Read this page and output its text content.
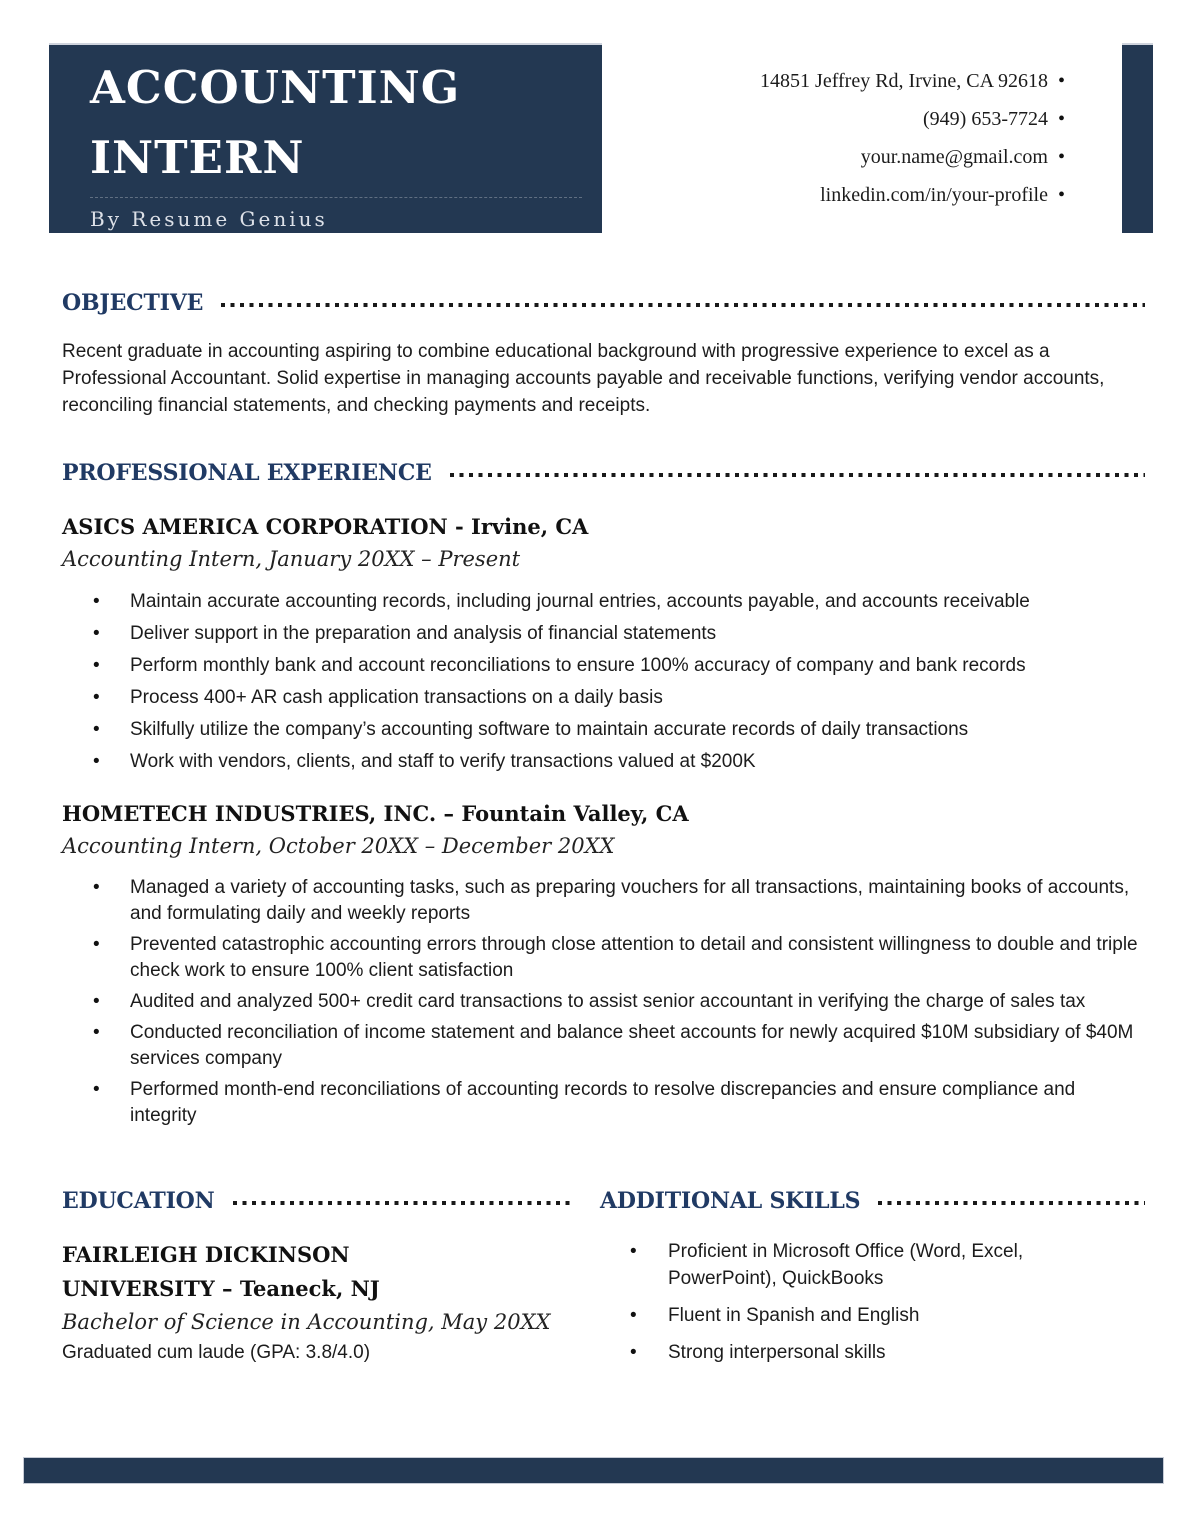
ACCOUNTING
INTERN
By Resume Genius
14851 Jeffrey Rd, Irvine, CA 92618 •
(949) 653-7724 •
your.name@gmail.com •
linkedin.com/in/your-profile •
OBJECTIVE
Recent graduate in accounting aspiring to combine educational background with progressive experience to excel as a Professional Accountant. Solid expertise in managing accounts payable and receivable functions, verifying vendor accounts, reconciling financial statements, and checking payments and receipts.
PROFESSIONAL EXPERIENCE
ASICS AMERICA CORPORATION - Irvine, CA
Accounting Intern, January 20XX – Present
• Maintain accurate accounting records, including journal entries, accounts payable, and accounts receivable
• Deliver support in the preparation and analysis of financial statements
• Perform monthly bank and account reconciliations to ensure 100% accuracy of company and bank records
• Process 400+ AR cash application transactions on a daily basis
• Skilfully utilize the company’s accounting software to maintain accurate records of daily transactions
• Work with vendors, clients, and staff to verify transactions valued at $200K
HOMETECH INDUSTRIES, INC. – Fountain Valley, CA
Accounting Intern, October 20XX – December 20XX
• Managed a variety of accounting tasks, such as preparing vouchers for all transactions, maintaining books of accounts, and formulating daily and weekly reports
• Prevented catastrophic accounting errors through close attention to detail and consistent willingness to double and triple check work to ensure 100% client satisfaction
• Audited and analyzed 500+ credit card transactions to assist senior accountant in verifying the charge of sales tax
• Conducted reconciliation of income statement and balance sheet accounts for newly acquired $10M subsidiary of $40M services company
• Performed month-end reconciliations of accounting records to resolve discrepancies and ensure compliance and integrity
EDUCATION
FAIRLEIGH DICKINSON UNIVERSITY – Teaneck, NJ
Bachelor of Science in Accounting, May 20XX
Graduated cum laude (GPA: 3.8/4.0)
ADDITIONAL SKILLS
• Proficient in Microsoft Office (Word, Excel, PowerPoint), QuickBooks
• Fluent in Spanish and English
• Strong interpersonal skills
